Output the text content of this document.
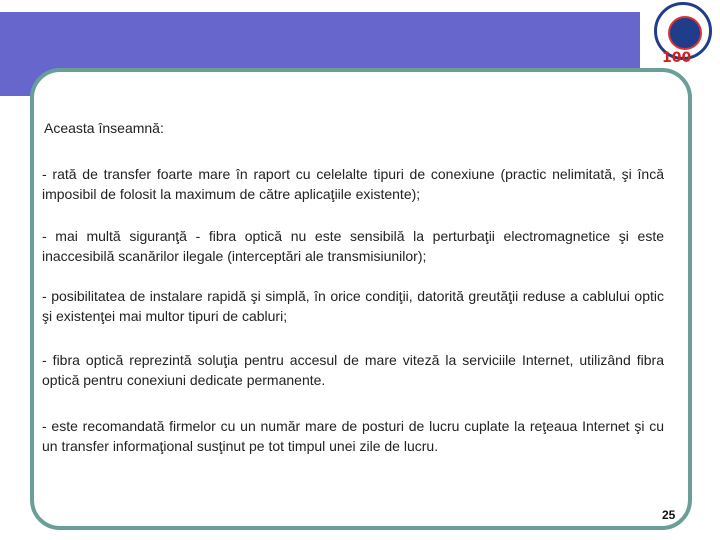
100
Aceasta înseamnă:
- rată de transfer foarte mare în raport cu celelalte tipuri de conexiune (practic nelimitată, şi încă imposibil de folosit la maximum de către aplicaţiile existente);
- mai multă siguranţă - fibra optică nu este sensibilă la perturbaţii electromagnetice şi este inaccesibilă scanărilor ilegale (interceptări ale transmisiunilor);
- posibilitatea de instalare rapidă şi simplă, în orice condiţii, datorită greutăţii reduse a cablului optic şi existenţei mai multor tipuri de cabluri;
- fibra optică reprezintă soluţia pentru accesul de mare viteză la serviciile Internet, utilizând fibra optică pentru conexiuni dedicate permanente.
- este recomandată firmelor cu un număr mare de posturi de lucru cuplate la reţeaua Internet şi cu un transfer informaţional susţinut pe tot timpul unei zile de lucru.
25
